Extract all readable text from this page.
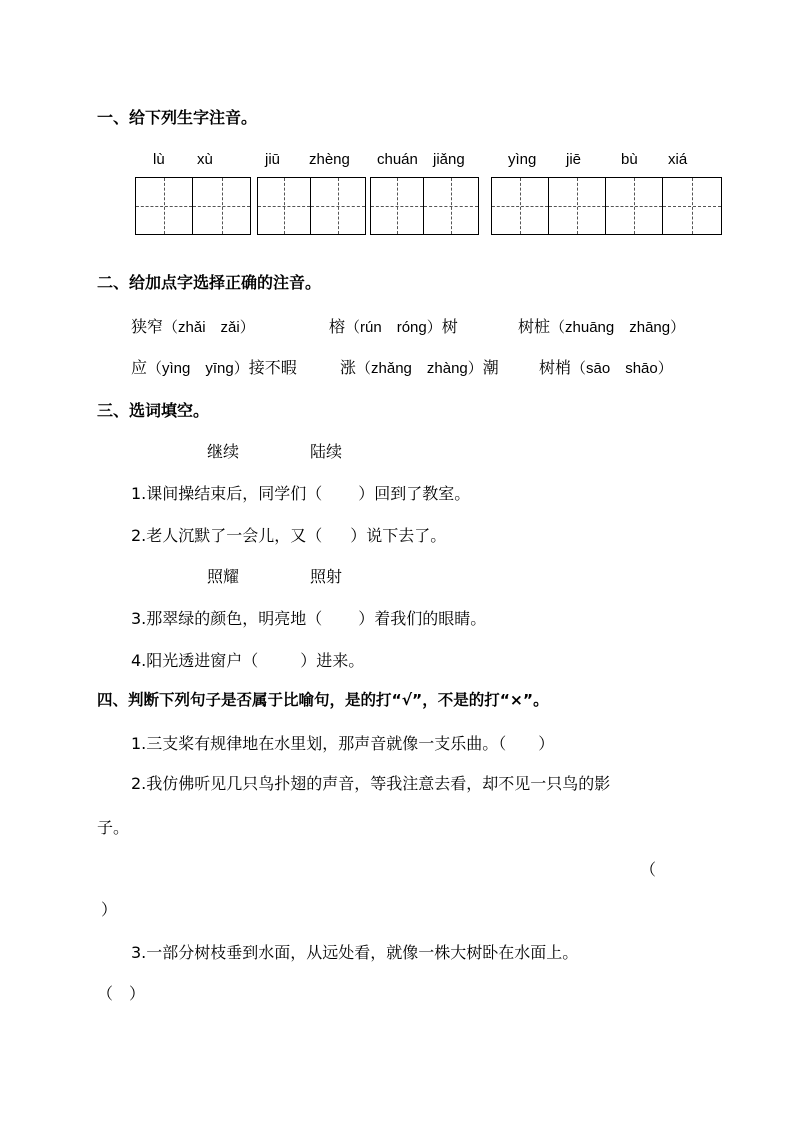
一、给下列生字注音。
lù xù	jiū zhèng chuán jiǎng	yìng jiē	bù xiá
二、给加点字选择正确的注音。
狭窄（zhǎi　zǎi）	榕（rún　róng）树	树桩（zhuāng　zhāng）
应（yìng　yīng）接不暇	涨（zhǎng　zhàng）潮	树梢（sāo　shāo）
三、选词填空。
继续	陆续
1.课间操结束后，同学们（ ）回到了教室。
2.老人沉默了一会儿，又（ ）说下去了。
照耀	照射
3.那翠绿的颜色，明亮地（ ）着我们的眼睛。
4.阳光透进窗户（	）进来。
四、判断下列句子是否属于比喻句，是的打“√”，不是的打“×”。
1.三支桨有规律地在水里划，那声音就像一支乐曲。（　　）
2.我仿佛听见几只鸟扑翅的声音，等我注意去看，却不见一只鸟的影
子。
（
）
3.一部分树枝垂到水面，从远处看，就像一株大树卧在水面上。
（　）
